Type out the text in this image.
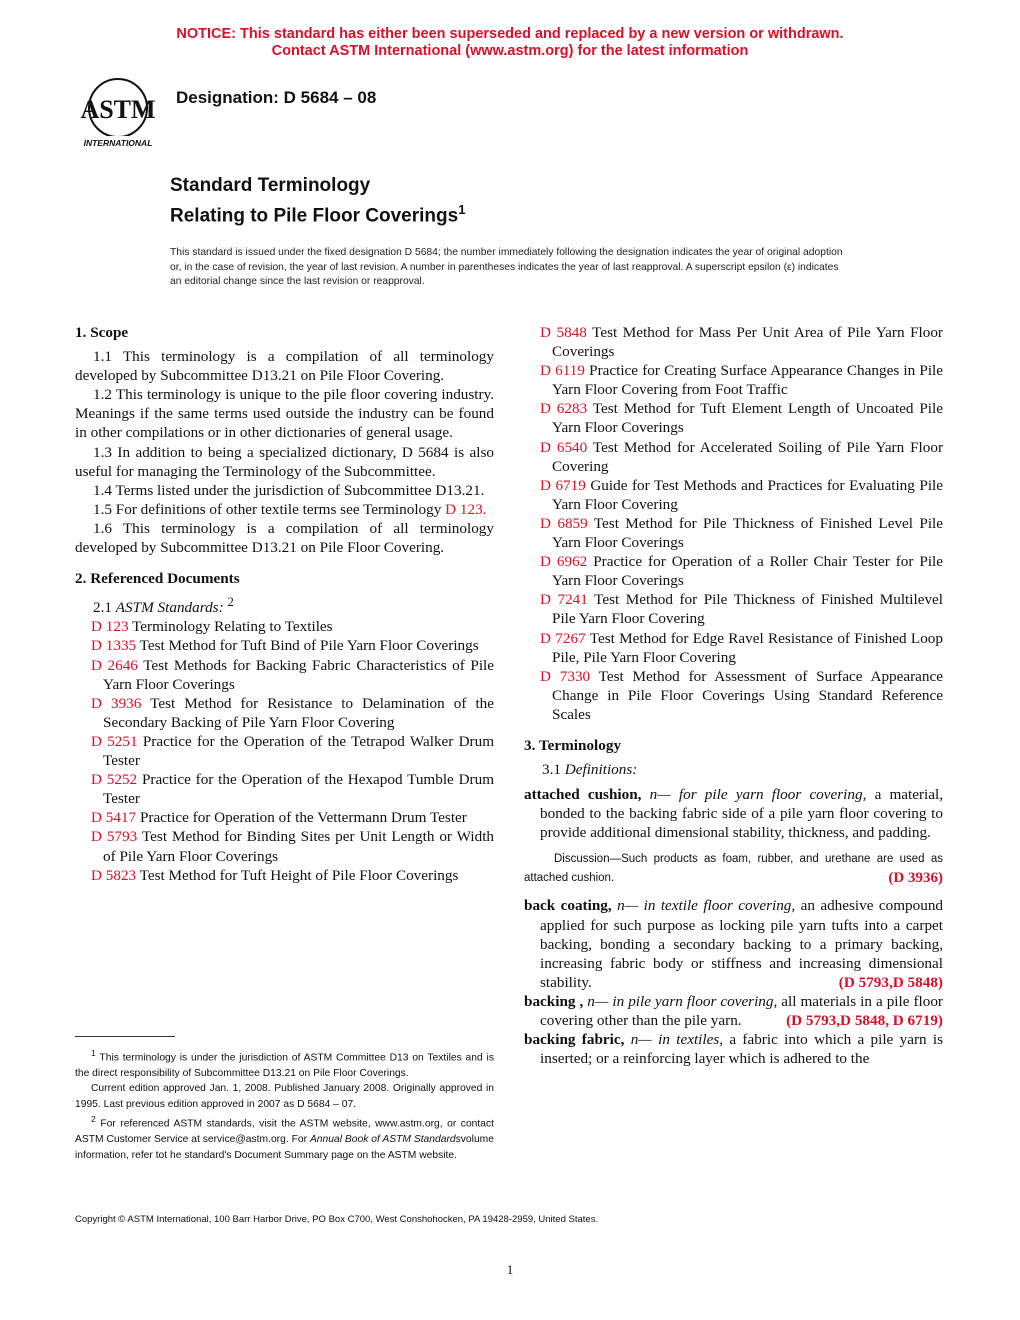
NOTICE: This standard has either been superseded and replaced by a new version or withdrawn.
Contact ASTM International (www.astm.org) for the latest information
ASTM
INTERNATIONAL
Designation: D 5684 – 08
Standard Terminology
Relating to Pile Floor Coverings$^1$
This standard is issued under the fixed designation D 5684; the number immediately following the designation indicates the year of original adoption or, in the case of revision, the year of last revision. A number in parentheses indicates the year of last reapproval. A superscript epsilon (ε) indicates an editorial change since the last revision or reapproval.
1. Scope

1.1 This terminology is a compilation of all terminology developed by Subcommittee D13.21 on Pile Floor Covering.

1.2 This terminology is unique to the pile floor covering industry. Meanings if the same terms used outside the industry can be found in other compilations or in other dictionaries of general usage.

1.3 In addition to being a specialized dictionary, D 5684 is also useful for managing the Terminology of the Subcommittee.

1.4 Terms listed under the jurisdiction of Subcommittee D13.21.

1.5 For definitions of other textile terms see Terminology D 123.

1.6 This terminology is a compilation of all terminology developed by Subcommittee D13.21 on Pile Floor Covering.

2. Referenced Documents

2.1 ASTM Standards: $^2$

D 123 Terminology Relating to Textiles

D 1335 Test Method for Tuft Bind of Pile Yarn Floor Coverings

D 2646 Test Methods for Backing Fabric Characteristics of Pile Yarn Floor Coverings

D 3936 Test Method for Resistance to Delamination of the Secondary Backing of Pile Yarn Floor Covering

D 5251 Practice for the Operation of the Tetrapod Walker Drum Tester

D 5252 Practice for the Operation of the Hexapod Tumble Drum Tester

D 5417 Practice for Operation of the Vettermann Drum Tester

D 5793 Test Method for Binding Sites per Unit Length or Width of Pile Yarn Floor Coverings

D 5823 Test Method for Tuft Height of Pile Floor Coverings

D 5848 Test Method for Mass Per Unit Area of Pile Yarn Floor Coverings

D 6119 Practice for Creating Surface Appearance Changes in Pile Yarn Floor Covering from Foot Traffic

D 6283 Test Method for Tuft Element Length of Uncoated Pile Yarn Floor Coverings

D 6540 Test Method for Accelerated Soiling of Pile Yarn Floor Covering

D 6719 Guide for Test Methods and Practices for Evaluating Pile Yarn Floor Covering

D 6859 Test Method for Pile Thickness of Finished Level Pile Yarn Floor Coverings

D 6962 Practice for Operation of a Roller Chair Tester for Pile Yarn Floor Coverings

D 7241 Test Method for Pile Thickness of Finished Multilevel Pile Yarn Floor Covering

D 7267 Test Method for Edge Ravel Resistance of Finished Loop Pile, Pile Yarn Floor Covering

D 7330 Test Method for Assessment of Surface Appearance Change in Pile Floor Coverings Using Standard Reference Scales

3. Terminology

3.1 Definitions:

attached cushion, n— for pile yarn floor covering, a material, bonded to the backing fabric side of a pile yarn floor covering to provide additional dimensional stability, thickness, and padding.

Discussion—Such products as foam, rubber, and urethane are used as attached cushion.	(D 3936)

back coating, n— in textile floor covering, an adhesive compound applied for such purpose as locking pile yarn tufts into a carpet backing, bonding a secondary backing to a primary backing, increasing fabric body or stiffness and increasing dimensional stability.	(D 5793,D 5848)

backing , n— in pile yarn floor covering, all materials in a pile floor covering other than the pile yarn.	(D 5793,D 5848, D 6719)

backing fabric, n— in textiles, a fabric into which a pile yarn is inserted; or a reinforcing layer which is adhered to the

$^1$ This terminology is under the jurisdiction of ASTM Committee D13 on Textiles and is the direct responsibility of Subcommittee D13.21 on Pile Floor Coverings.

Current edition approved Jan. 1, 2008. Published January 2008. Originally approved in 1995. Last previous edition approved in 2007 as D 5684 – 07.

$^2$ For referenced ASTM standards, visit the ASTM website, www.astm.org, or contact ASTM Customer Service at service@astm.org. For Annual Book of ASTM Standardsvolume information, refer tot he standard's Document Summary page on the ASTM website.

Copyright © ASTM International, 100 Barr Harbor Drive, PO Box C700, West Conshohocken, PA 19428-2959, United States.
1
